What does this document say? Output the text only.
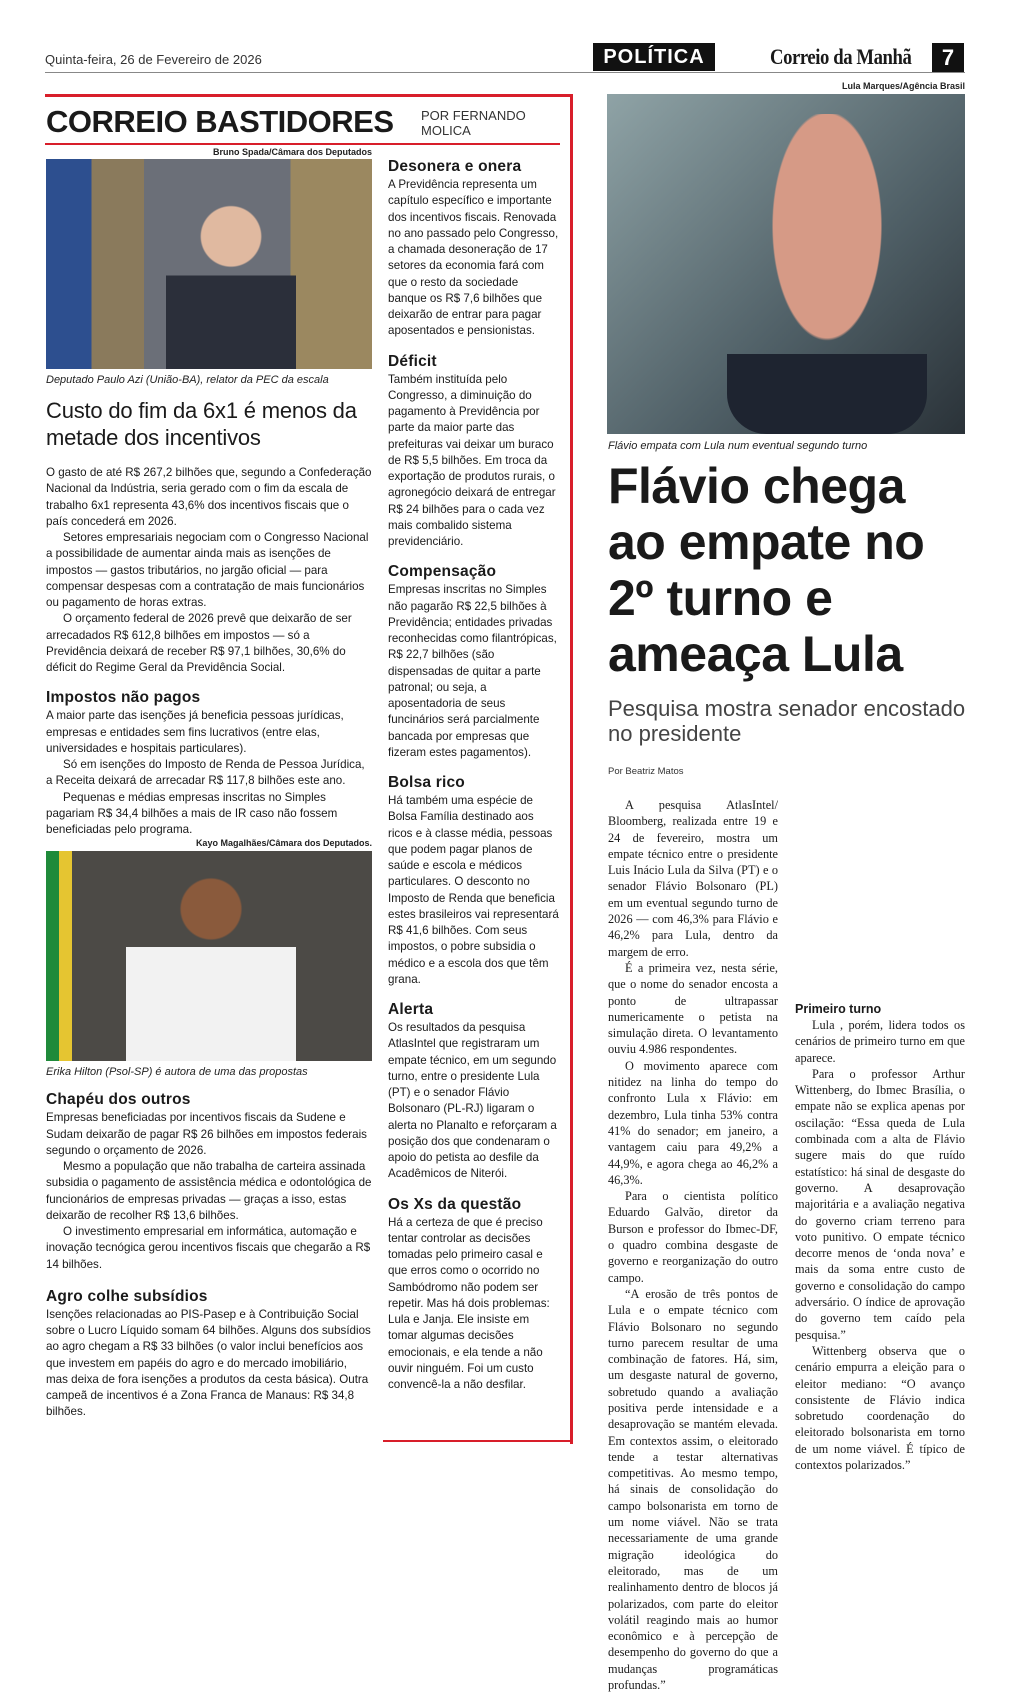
Quinta-feira, 26 de Fevereiro de 2026	POLÍTICA	Correio da Manhã	7
CORREIO BASTIDORES POR FERNANDO MOLICA
Bruno Spada/Câmara dos Deputados
Deputado Paulo Azi (União-BA), relator da PEC da escala
Custo do fim da 6x1 é menos da metade dos incentivos

O gasto de até R$ 267,2 bilhões que, segundo a Confederação Nacional da Indústria, seria gerado com o fim da escala de trabalho 6x1 representa 43,6% dos incentivos fiscais que o país concederá em 2026.

Setores empresariais negociam com o Congresso Nacional a possibilidade de aumentar ainda mais as isenções de impostos — gastos tributários, no jargão oficial — para compensar despesas com a contratação de mais funcionários ou pagamento de horas extras.

O orçamento federal de 2026 prevê que deixarão de ser arrecadados R$ 612,8 bilhões em impostos — só a Previdência deixará de receber R$ 97,1 bilhões, 30,6% do déficit do Regime Geral da Previdência Social.

Impostos não pagos

A maior parte das isenções já beneficia pessoas jurídicas, empresas e entidades sem fins lucrativos (entre elas, universidades e hospitais particulares).

Só em isenções do Imposto de Renda de Pessoa Jurídica, a Receita deixará de arrecadar R$ 117,8 bilhões este ano.

Pequenas e médias empresas inscritas no Simples pagariam R$ 34,4 bilhões a mais de IR caso não fossem beneficiadas pelo programa.

Kayo Magalhães/Câmara dos Deputados.
Erika Hilton (Psol-SP) é autora de uma das propostas
Chapéu dos outros

Empresas beneficiadas por incentivos fiscais da Sudene e Sudam deixarão de pagar R$ 26 bilhões em impostos federais segundo o orçamento de 2026.

Mesmo a população que não trabalha de carteira assinada subsidia o pagamento de assistência médica e odontológica de funcionários de empresas privadas — graças a isso, estas deixarão de recolher R$ 13,6 bilhões.

O investimento empresarial em informática, automação e inovação tecnógica gerou incentivos fiscais que chegarão a R$ 14 bilhões.

Agro colhe subsídios

Isenções relacionadas ao PIS-Pasep e à Contribuição Social sobre o Lucro Líquido somam 64 bilhões. Alguns dos subsídios ao agro chegam a R$ 33 bilhões (o valor inclui benefícios aos que investem em papéis do agro e do mercado imobiliário, mas deixa de fora isenções a produtos da cesta básica). Outra campeã de incentivos é a Zona Franca de Manaus: R$ 34,8 bilhões.

Desonera e onera

A Previdência representa um capítulo específico e importante dos incentivos fiscais. Renovada no ano passado pelo Congresso, a chamada desoneração de 17 setores da economia fará com que o resto da sociedade banque os R$ 7,6 bilhões que deixarão de entrar para pagar aposentados e pensionistas.

Déficit

Também instituída pelo Congresso, a diminuição do pagamento à Previdência por parte da maior parte das prefeituras vai deixar um buraco de R$ 5,5 bilhões. Em troca da exportação de produtos rurais, o agronegócio deixará de entregar R$ 24 bilhões para o cada vez mais combalido sistema previdenciário.

Compensação

Empresas inscritas no Simples não pagarão R$ 22,5 bilhões à Previdência; entidades privadas reconhecidas como filantrópicas, R$ 22,7 bilhões (são dispensadas de quitar a parte patronal; ou seja, a aposentadoria de seus funcinários será parcialmente bancada por empresas que fizeram estes pagamentos).

Bolsa rico

Há também uma espécie de Bolsa Família destinado aos ricos e à classe média, pessoas que podem pagar planos de saúde e escola e médicos particulares. O desconto no Imposto de Renda que beneficia estes brasileiros vai representará R$ 41,6 bilhões. Com seus impostos, o pobre subsidia o médico e a escola dos que têm grana.

Alerta

Os resultados da pesquisa AtlasIntel que registraram um empate técnico, em um segundo turno, entre o presidente Lula (PT) e o senador Flávio Bolsonaro (PL-RJ) ligaram o alerta no Planalto e reforçaram a posição dos que condenaram o apoio do petista ao desfile da Acadêmicos de Niterói.

Os Xs da questão

Há a certeza de que é preciso tentar controlar as decisões tomadas pelo primeiro casal e que erros como o ocorrido no Sambódromo não podem ser repetir. Mas há dois problemas: Lula e Janja. Ele insiste em tomar algumas decisões emocionais, e ela tende a não ouvir ninguém. Foi um custo convencê-la a não desfilar.

Lula Marques/Agência Brasil
Flávio empata com Lula num eventual segundo turno
Flávio chega ao empate no 2º turno e ameaça Lula
Pesquisa mostra senador encostado no presidente
Por Beatriz Matos

A pesquisa AtlasIntel/ Bloomberg, realizada entre 19 e 24 de fevereiro, mostra um empate técnico entre o presidente Luis Inácio Lula da Silva (PT) e o senador Flávio Bolsonaro (PL) em um eventual segundo turno de 2026 — com 46,3% para Flávio e 46,2% para Lula, dentro da margem de erro.

É a primeira vez, nesta série, que o nome do senador encosta a ponto de ultrapassar numericamente o petista na simulação direta. O levantamento ouviu 4.986 respondentes.

O movimento aparece com nitidez na linha do tempo do confronto Lula x Flávio: em dezembro, Lula tinha 53% contra 41% do senador; em janeiro, a vantagem caiu para 49,2% a 44,9%, e agora chega ao 46,2% a 46,3%.

Para o cientista político Eduardo Galvão, diretor da Burson e professor do Ibmec-DF, o quadro combina desgaste de governo e reorganização do outro campo.

“A erosão de três pontos de Lula e o empate técnico com Flávio Bolsonaro no segundo turno parecem resultar de uma combinação de fatores. Há, sim, um desgaste natural de governo, sobretudo quando a avaliação positiva perde intensidade e a desaprovação se mantém elevada. Em contextos assim, o eleitorado tende a testar alternativas competitivas. Ao mesmo tempo, há sinais de consolidação do campo bolsonarista em torno de um nome viável. Não se trata necessariamente de uma grande migração ideológica do eleitorado, mas de um realinhamento dentro de blocos já polarizados, com parte do eleitor volátil reagindo mais ao humor econômico e à percepção de desempenho do governo do que a mudanças programáticas profundas.”

Primeiro turno

Lula , porém, lidera todos os cenários de primeiro turno em que aparece.

Para o professor Arthur Wittenberg, do Ibmec Brasília, o empate não se explica apenas por oscilação: “Essa queda de Lula combinada com a alta de Flávio sugere mais do que ruído estatístico: há sinal de desgaste do governo. A desaprovação majoritária e a avaliação negativa do governo criam terreno para voto punitivo. O empate técnico decorre menos de ‘onda nova’ e mais da soma entre custo de governo e consolidação do campo adversário. O índice de aprovação do governo tem caído pela pesquisa.”

Wittenberg observa que o cenário empurra a eleição para o eleitor mediano: “O avanço consistente de Flávio indica sobretudo coordenação do eleitorado bolsonarista em torno de um nome viável. É típico de contextos polarizados.”
